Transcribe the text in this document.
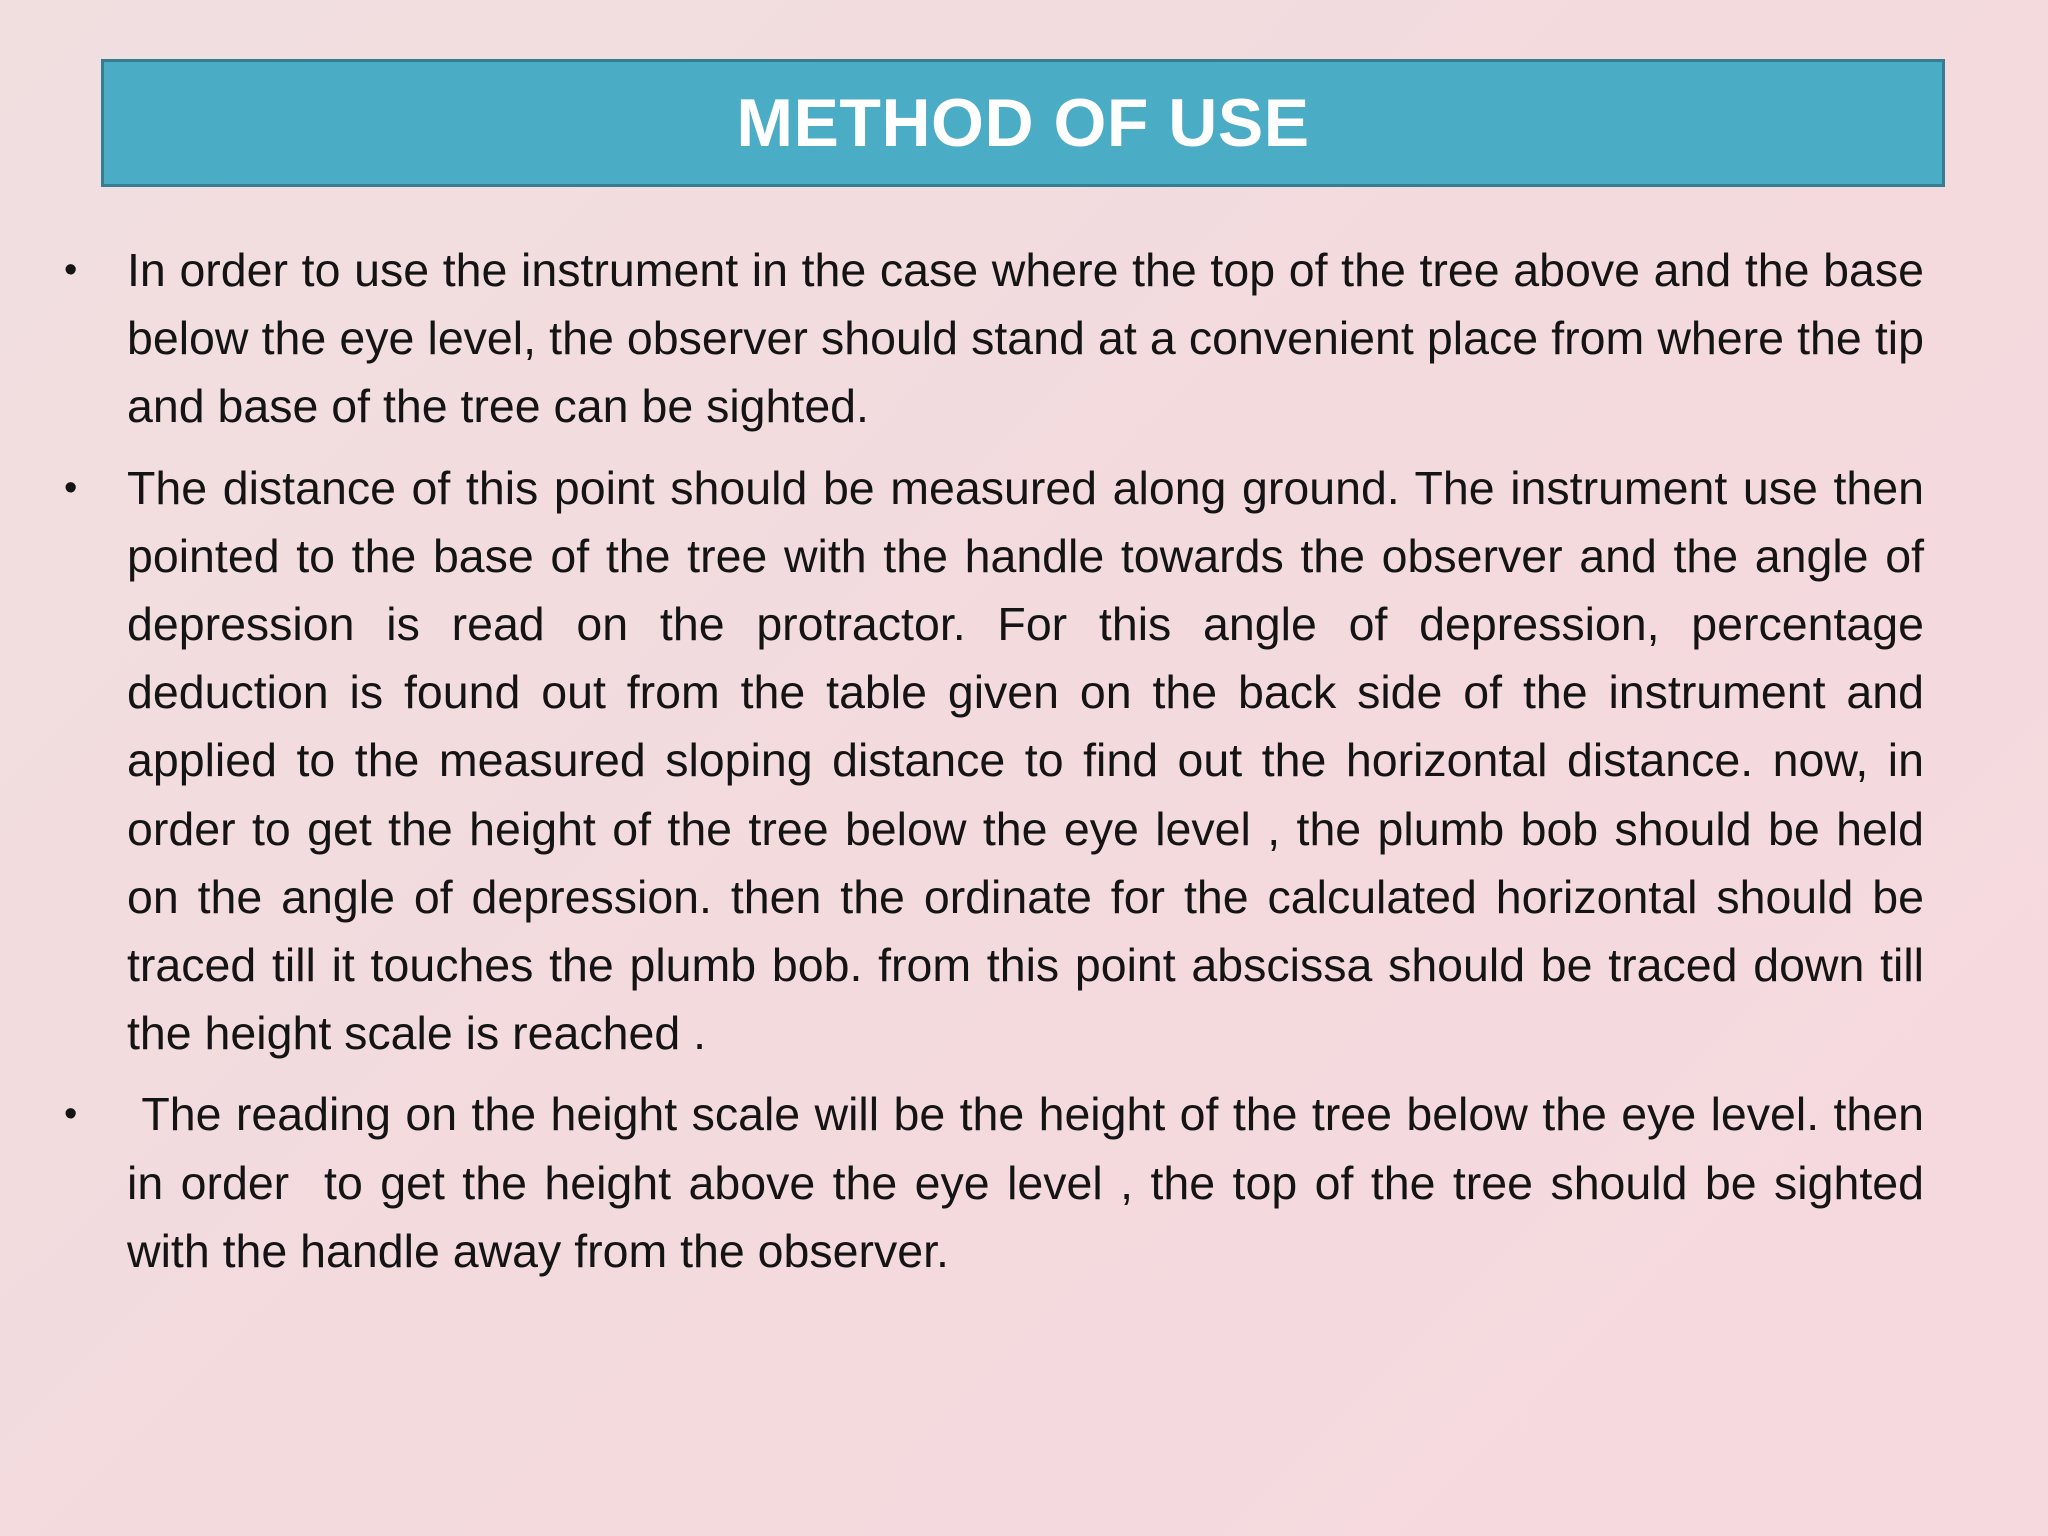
METHOD OF USE
• In order to use the instrument in the case where the top of the tree above and the base below the eye level, the observer should stand at a convenient place from where the tip and base of the tree can be sighted.
• The distance of this point should be measured along ground. The instrument use then pointed to the base of the tree with the handle towards the observer and the angle of depression is read on the protractor. For this angle of depression, percentage deduction is found out from the table given on the back side of the instrument and applied to the measured sloping distance to find out the horizontal distance. now, in order to get the height of the tree below the eye level , the plumb bob should be held on the angle of depression. then the ordinate for the calculated horizontal should be traced till it touches the plumb bob. from this point abscissa should be traced down till the height scale is reached .
• The reading on the height scale will be the height of the tree below the eye level. then in order  to get the height above the eye level , the top of the tree should be sighted with the handle away from the observer.
